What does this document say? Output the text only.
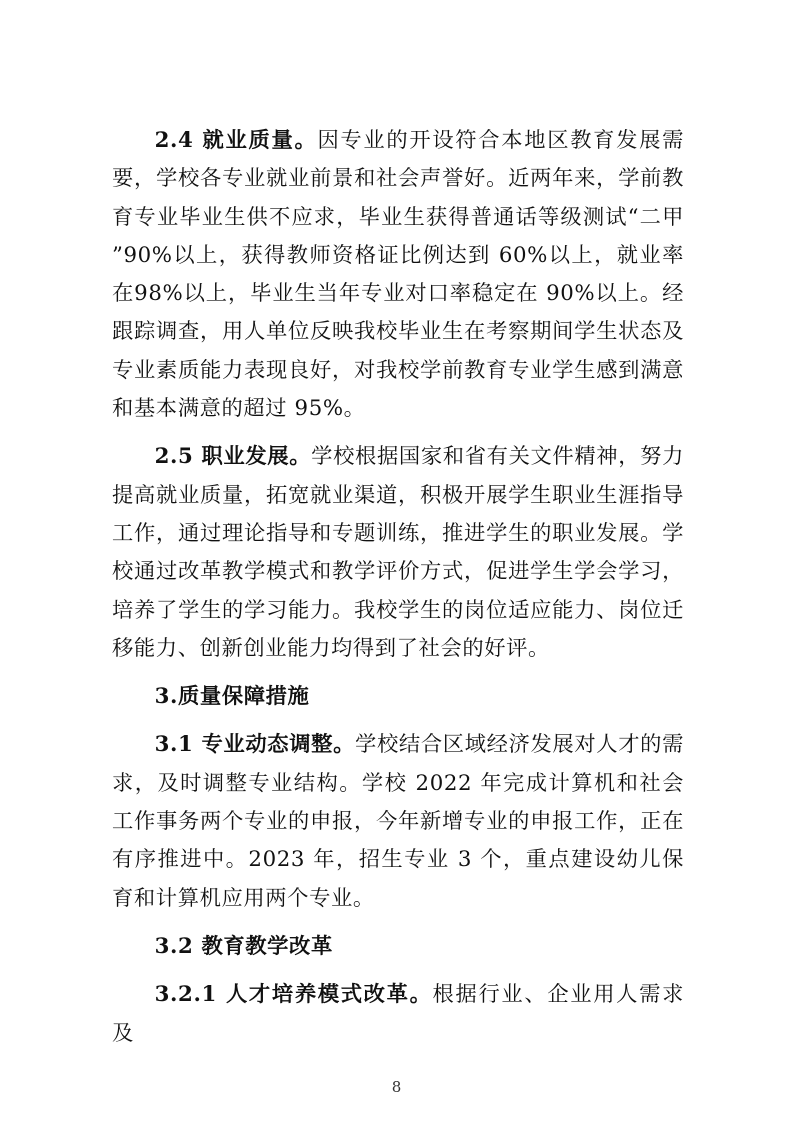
2.4 就业质量。因专业的开设符合本地区教育发展需要，学校各专业就业前景和社会声誉好。近两年来，学前教育专业毕业生供不应求，毕业生获得普通话等级测试“二甲 ”90%以上，获得教师资格证比例达到 60%以上，就业率在98%以上，毕业生当年专业对口率稳定在 90%以上。经跟踪调查，用人单位反映我校毕业生在考察期间学生状态及专业素质能力表现良好，对我校学前教育专业学生感到满意和基本满意的超过 95%。

2.5 职业发展。学校根据国家和省有关文件精神，努力提高就业质量，拓宽就业渠道，积极开展学生职业生涯指导工作，通过理论指导和专题训练，推进学生的职业发展。学校通过改革教学模式和教学评价方式，促进学生学会学习，培养了学生的学习能力。我校学生的岗位适应能力、岗位迁移能力、创新创业能力均得到了社会的好评。

3.质量保障措施

3.1 专业动态调整。学校结合区域经济发展对人才的需求，及时调整专业结构。学校 2022 年完成计算机和社会工作事务两个专业的申报，今年新增专业的申报工作，正在有序推进中。2023 年，招生专业 3 个，重点建设幼儿保育和计算机应用两个专业。

3.2 教育教学改革

3.2.1 人才培养模式改革。根据行业、企业用人需求及

8
